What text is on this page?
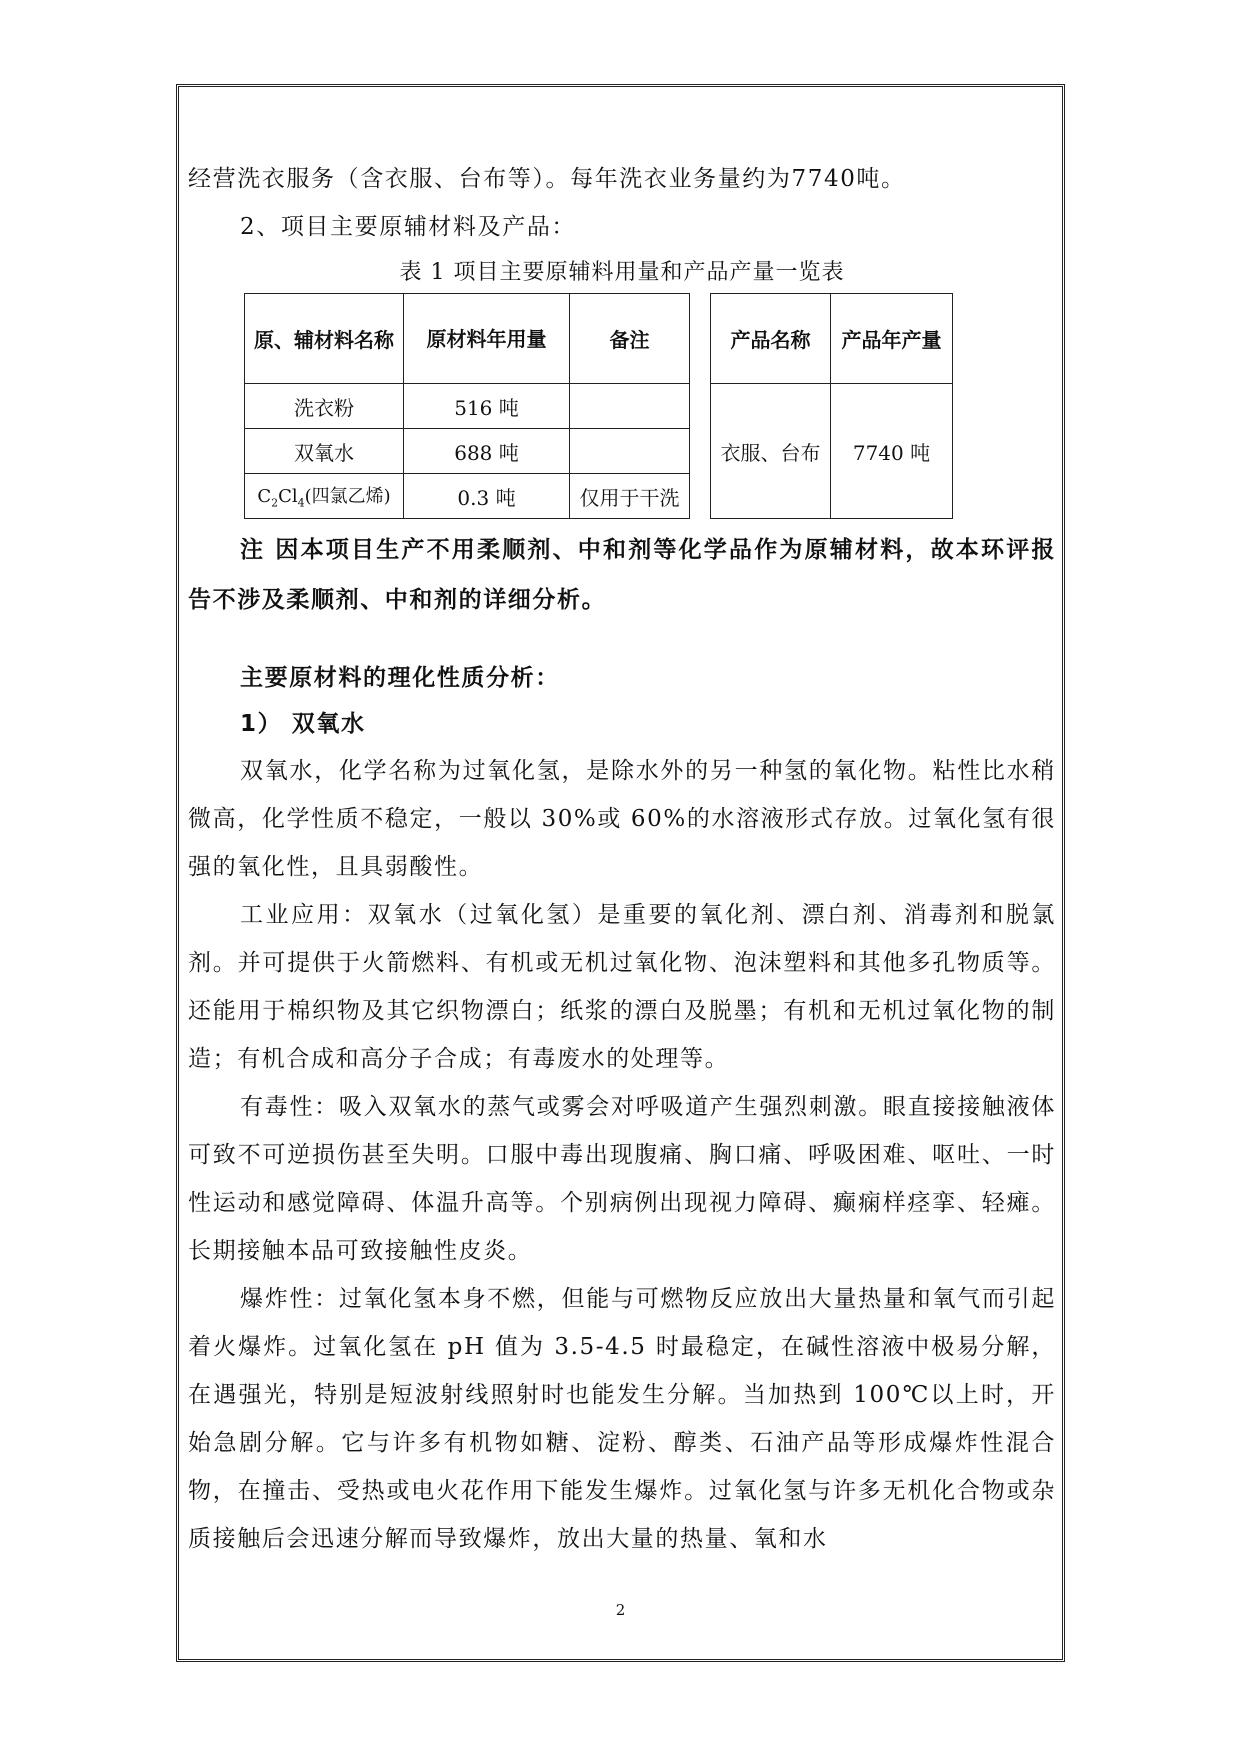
经营洗衣服务（含衣服、台布等）。每年洗衣业务量约为7740吨。

2、项目主要原辅材料及产品：

表 1 项目主要原辅料用量和产品产量一览表
原、辅材料名称	原材料年用量	备注		产品名称	产品年产量
洗衣粉	516 吨			衣服、台布	7740 吨
双氧水	688 吨				
$C_2Cl_4$(四氯乙烯)	0.3 吨	仅用于干洗			

注 因本项目生产不用柔顺剂、中和剂等化学品作为原辅材料，故本环评报告不涉及柔顺剂、中和剂的详细分析。

主要原材料的理化性质分析：

1） 双氧水

双氧水，化学名称为过氧化氢，是除水外的另一种氢的氧化物。粘性比水稍微高，化学性质不稳定，一般以 30%或 60%的水溶液形式存放。过氧化氢有很强的氧化性，且具弱酸性。

工业应用：双氧水（过氧化氢）是重要的氧化剂、漂白剂、消毒剂和脱氯剂。并可提供于火箭燃料、有机或无机过氧化物、泡沫塑料和其他多孔物质等。还能用于棉织物及其它织物漂白；纸浆的漂白及脱墨；有机和无机过氧化物的制造；有机合成和高分子合成；有毒废水的处理等。

有毒性：吸入双氧水的蒸气或雾会对呼吸道产生强烈刺激。眼直接接触液体可致不可逆损伤甚至失明。口服中毒出现腹痛、胸口痛、呼吸困难、呕吐、一时性运动和感觉障碍、体温升高等。个别病例出现视力障碍、癫痫样痉挛、轻瘫。长期接触本品可致接触性皮炎。

爆炸性：过氧化氢本身不燃，但能与可燃物反应放出大量热量和氧气而引起着火爆炸。过氧化氢在 pH 值为 3.5-4.5 时最稳定，在碱性溶液中极易分解，在遇强光，特别是短波射线照射时也能发生分解。当加热到 100℃以上时，开始急剧分解。它与许多有机物如糖、淀粉、醇类、石油产品等形成爆炸性混合物，在撞击、受热或电火花作用下能发生爆炸。过氧化氢与许多无机化合物或杂质接触后会迅速分解而导致爆炸，放出大量的热量、氧和水

2
